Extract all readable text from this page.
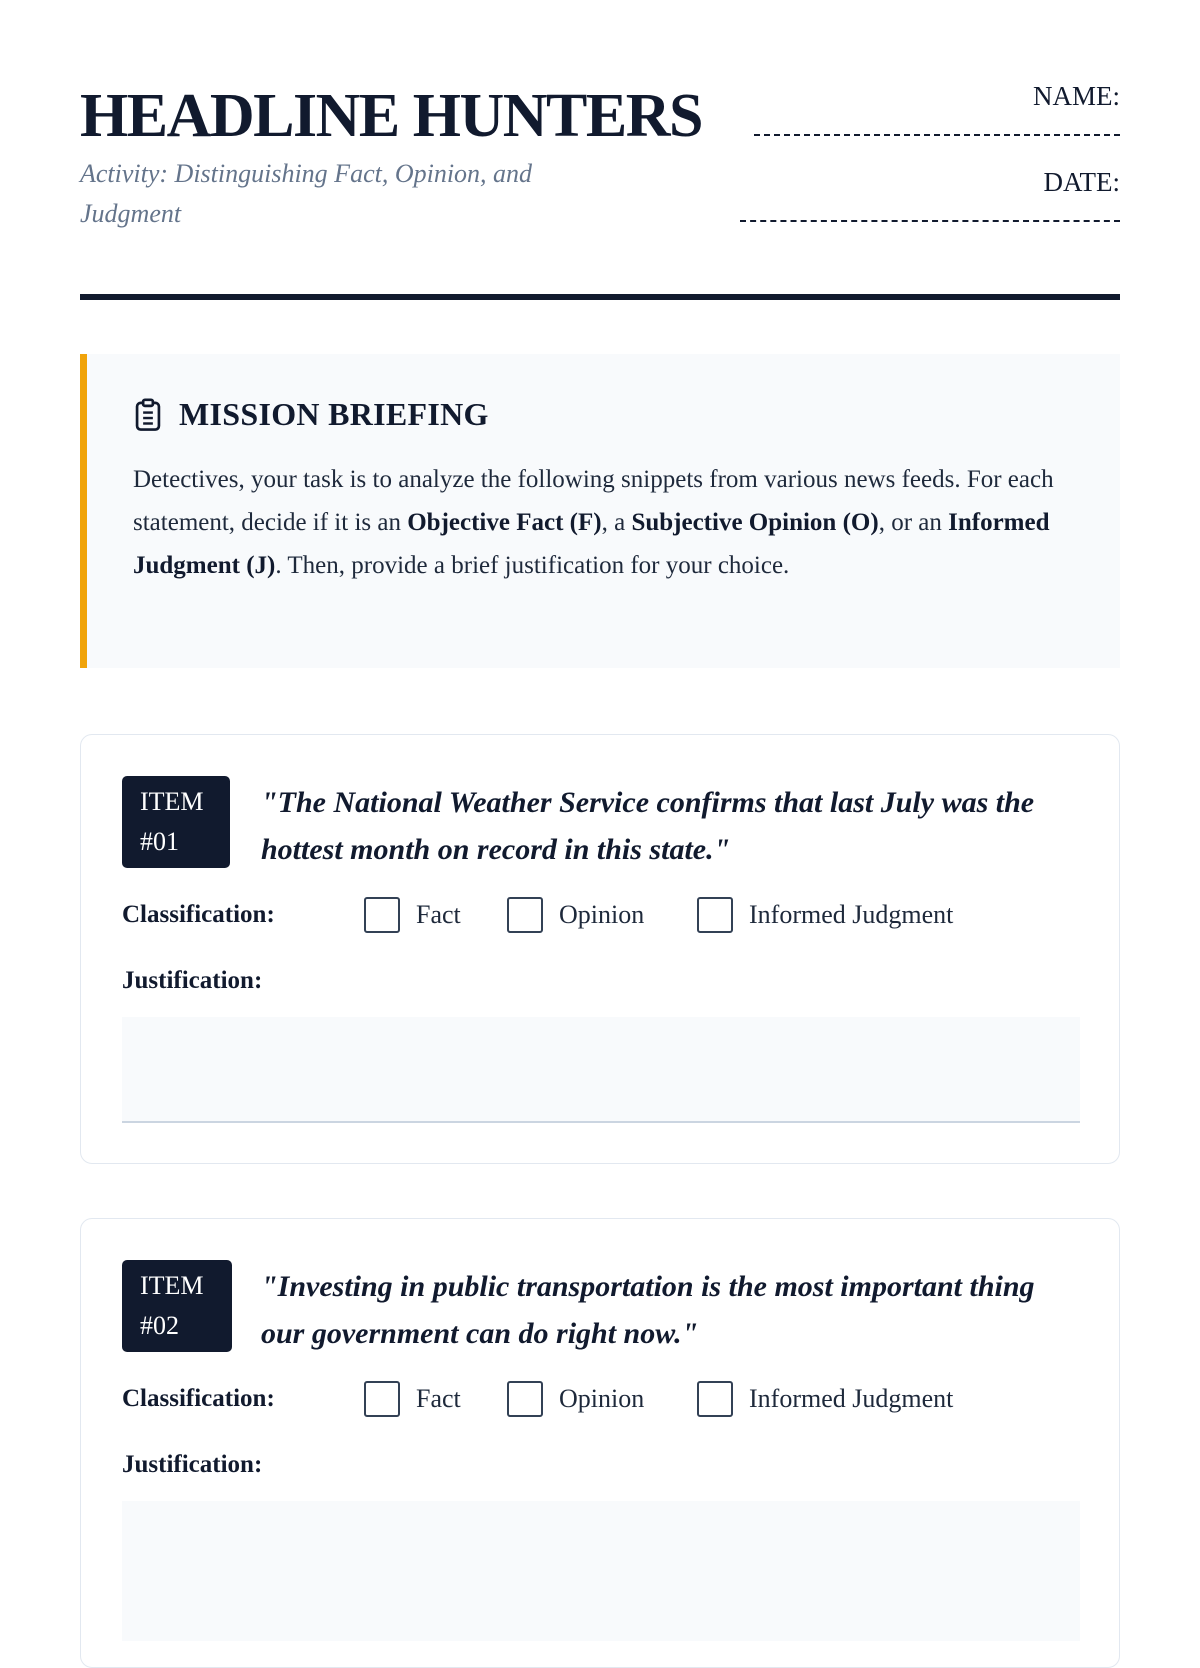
HEADLINE HUNTERS
Activity: Distinguishing Fact, Opinion, and Judgment
NAME:
DATE:
MISSION BRIEFING
Detectives, your task is to analyze the following snippets from various news feeds. For each statement, decide if it is an Objective Fact (F), a Subjective Opinion (O), or an Informed Judgment (J). Then, provide a brief justification for your choice.
ITEM
#01
"The National Weather Service confirms that last July was the hottest month on record in this state."
Classification:	Fact	Opinion	Informed Judgment
Justification:
ITEM
#02
"Investing in public transportation is the most important thing our government can do right now."
Classification:	Fact	Opinion	Informed Judgment
Justification:
